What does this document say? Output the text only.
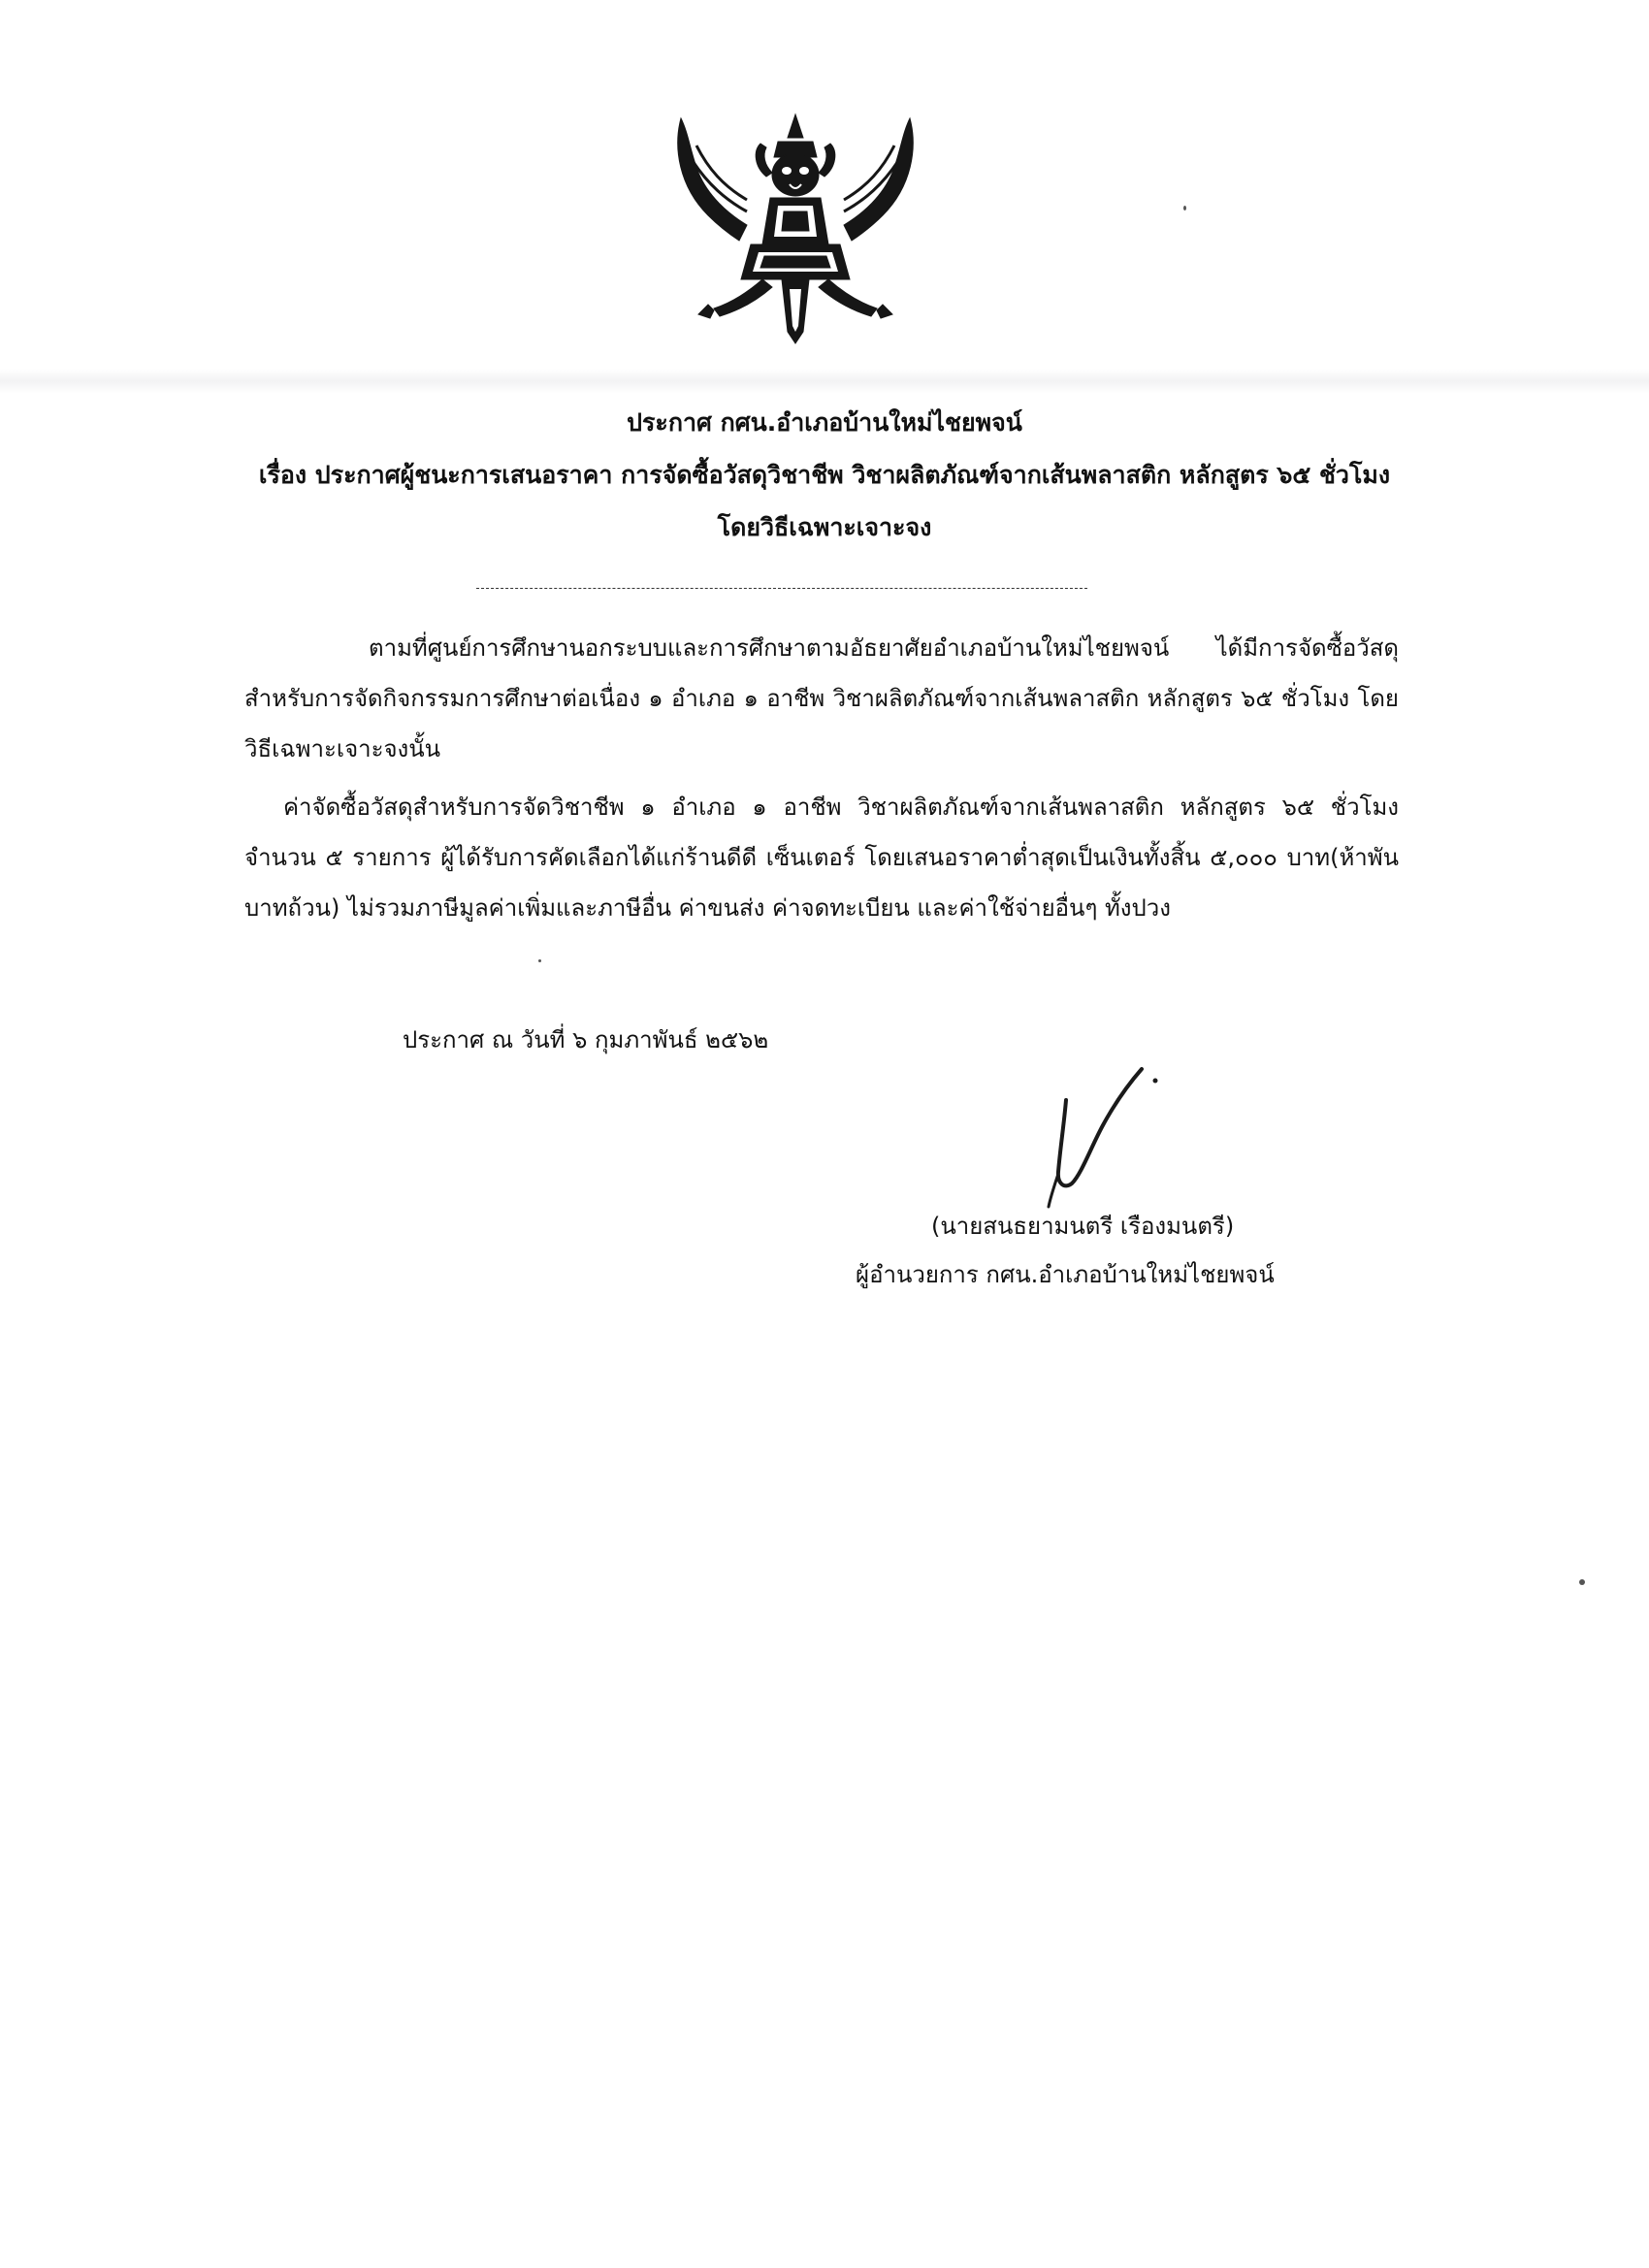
ประกาศ กศน.อำเภอบ้านใหม่ไชยพจน์
เรื่อง ประกาศผู้ชนะการเสนอราคา การจัดซื้อวัสดุวิชาชีพ วิชาผลิตภัณฑ์จากเส้นพลาสติก หลักสูตร ๖๕ ชั่วโมง
โดยวิธีเฉพาะเจาะจง

ตามที่ศูนย์การศึกษานอกระบบและการศึกษาตามอัธยาศัยอำเภอบ้านใหม่ไชยพจน์ ได้มีการจัดซื้อวัสดุ สำหรับการจัดกิจกรรมการศึกษาต่อเนื่อง ๑ อำเภอ ๑ อาชีพ วิชาผลิตภัณฑ์จากเส้นพลาสติก หลักสูตร ๖๕ ชั่วโมง โดยวิธีเฉพาะเจาะจงนั้น

ค่าจัดซื้อวัสดุสำหรับการจัดวิชาชีพ ๑ อำเภอ ๑ อาชีพ วิชาผลิตภัณฑ์จากเส้นพลาสติก หลักสูตร ๖๕ ชั่วโมง จำนวน ๕ รายการ ผู้ได้รับการคัดเลือกได้แก่ร้านดีดี เซ็นเตอร์ โดยเสนอราคาต่ำสุดเป็นเงินทั้งสิ้น ๕,๐๐๐ บาท(ห้าพันบาทถ้วน) ไม่รวมภาษีมูลค่าเพิ่มและภาษีอื่น ค่าขนส่ง ค่าจดทะเบียน และค่าใช้จ่ายอื่นๆ ทั้งปวง

ประกาศ ณ วันที่ ๖ กุมภาพันธ์ ๒๕๖๒
(นายสนธยามนตรี เรืองมนตรี)
ผู้อำนวยการ กศน.อำเภอบ้านใหม่ไชยพจน์
